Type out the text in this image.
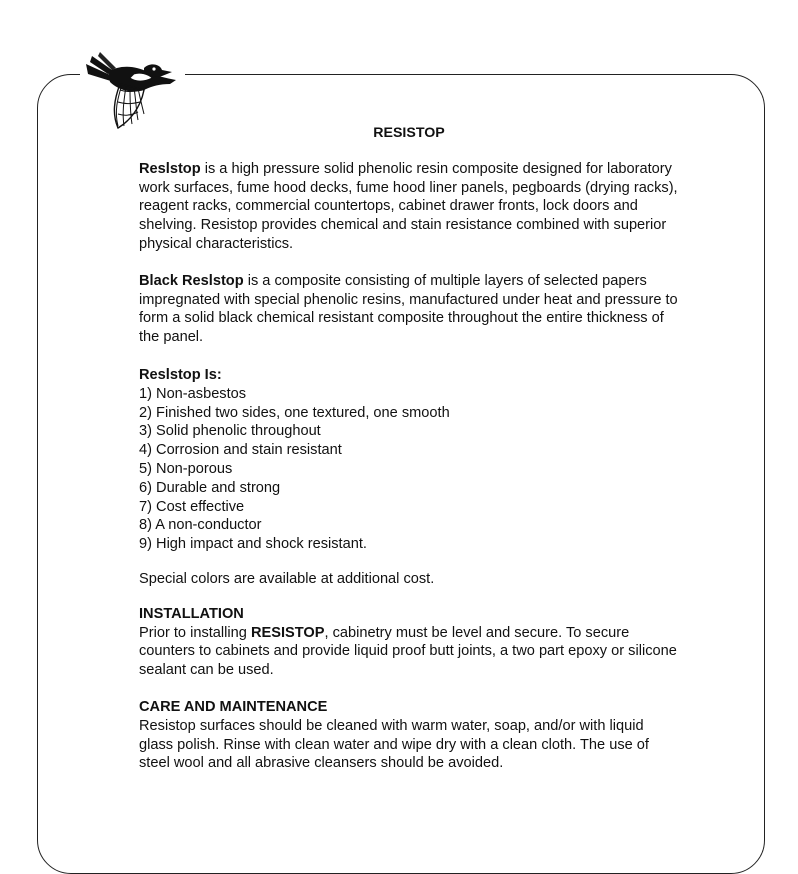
RESISTOP

Reslstop is a high pressure solid phenolic resin composite designed for laboratory work surfaces, fume hood decks, fume hood liner panels, pegboards (drying racks), reagent racks, commercial countertops, cabinet drawer fronts, lock doors and shelving. Resistop provides chemical and stain resistance combined with superior physical characteristics.

Black Reslstop is a composite consisting of multiple layers of selected papers impregnated with special phenolic resins, manufactured under heat and pressure to form a solid black chemical resistant composite throughout the entire thickness of the panel.

Reslstop Is:

1) Non-asbestos
2) Finished two sides, one textured, one smooth
3) Solid phenolic throughout
4) Corrosion and stain resistant
5) Non-porous
6) Durable and strong
7) Cost effective
8) A non-conductor
9) High impact and shock resistant.

Special colors are available at additional cost.

INSTALLATION

Prior to installing RESISTOP, cabinetry must be level and secure. To secure counters to cabinets and provide liquid proof butt joints, a two part epoxy or silicone sealant can be used.

CARE AND MAINTENANCE

Resistop surfaces should be cleaned with warm water, soap, and/or with liquid glass polish. Rinse with clean water and wipe dry with a clean cloth. The use of steel wool and all abrasive cleansers should be avoided.
